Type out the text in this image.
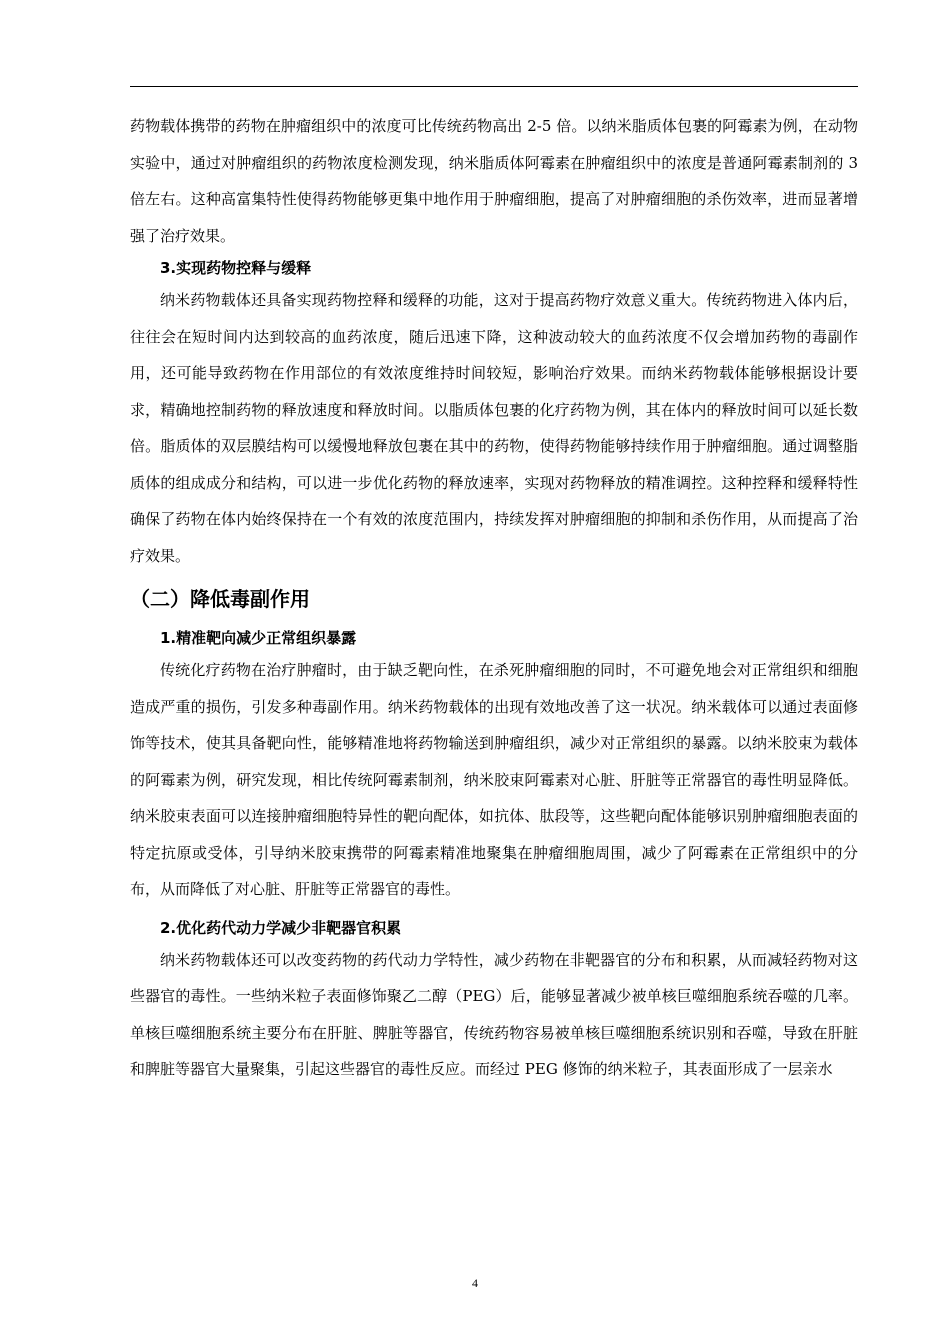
药物载体携带的药物在肿瘤组织中的浓度可比传统药物高出 2-5 倍。以纳米脂质体包裹的阿霉素为例，在动物实验中，通过对肿瘤组织的药物浓度检测发现，纳米脂质体阿霉素在肿瘤组织中的浓度是普通阿霉素制剂的 3 倍左右。这种高富集特性使得药物能够更集中地作用于肿瘤细胞，提高了对肿瘤细胞的杀伤效率，进而显著增强了治疗效果。

3.实现药物控释与缓释

纳米药物载体还具备实现药物控释和缓释的功能，这对于提高药物疗效意义重大。传统药物进入体内后，往往会在短时间内达到较高的血药浓度，随后迅速下降，这种波动较大的血药浓度不仅会增加药物的毒副作用，还可能导致药物在作用部位的有效浓度维持时间较短，影响治疗效果。而纳米药物载体能够根据设计要求，精确地控制药物的释放速度和释放时间。以脂质体包裹的化疗药物为例，其在体内的释放时间可以延长数倍。脂质体的双层膜结构可以缓慢地释放包裹在其中的药物，使得药物能够持续作用于肿瘤细胞。通过调整脂质体的组成成分和结构，可以进一步优化药物的释放速率，实现对药物释放的精准调控。这种控释和缓释特性确保了药物在体内始终保持在一个有效的浓度范围内，持续发挥对肿瘤细胞的抑制和杀伤作用，从而提高了治疗效果。

（二）降低毒副作用
1.精准靶向减少正常组织暴露

传统化疗药物在治疗肿瘤时，由于缺乏靶向性，在杀死肿瘤细胞的同时，不可避免地会对正常组织和细胞造成严重的损伤，引发多种毒副作用。纳米药物载体的出现有效地改善了这一状况。纳米载体可以通过表面修饰等技术，使其具备靶向性，能够精准地将药物输送到肿瘤组织，减少对正常组织的暴露。以纳米胶束为载体的阿霉素为例，研究发现，相比传统阿霉素制剂，纳米胶束阿霉素对心脏、肝脏等正常器官的毒性明显降低。纳米胶束表面可以连接肿瘤细胞特异性的靶向配体，如抗体、肽段等，这些靶向配体能够识别肿瘤细胞表面的特定抗原或受体，引导纳米胶束携带的阿霉素精准地聚集在肿瘤细胞周围，减少了阿霉素在正常组织中的分布，从而降低了对心脏、肝脏等正常器官的毒性。

2.优化药代动力学减少非靶器官积累

纳米药物载体还可以改变药物的药代动力学特性，减少药物在非靶器官的分布和积累，从而减轻药物对这些器官的毒性。一些纳米粒子表面修饰聚乙二醇（PEG）后，能够显著减少被单核巨噬细胞系统吞噬的几率。单核巨噬细胞系统主要分布在肝脏、脾脏等器官，传统药物容易被单核巨噬细胞系统识别和吞噬，导致在肝脏和脾脏等器官大量聚集，引起这些器官的毒性反应。而经过 PEG 修饰的纳米粒子，其表面形成了一层亲水

4
